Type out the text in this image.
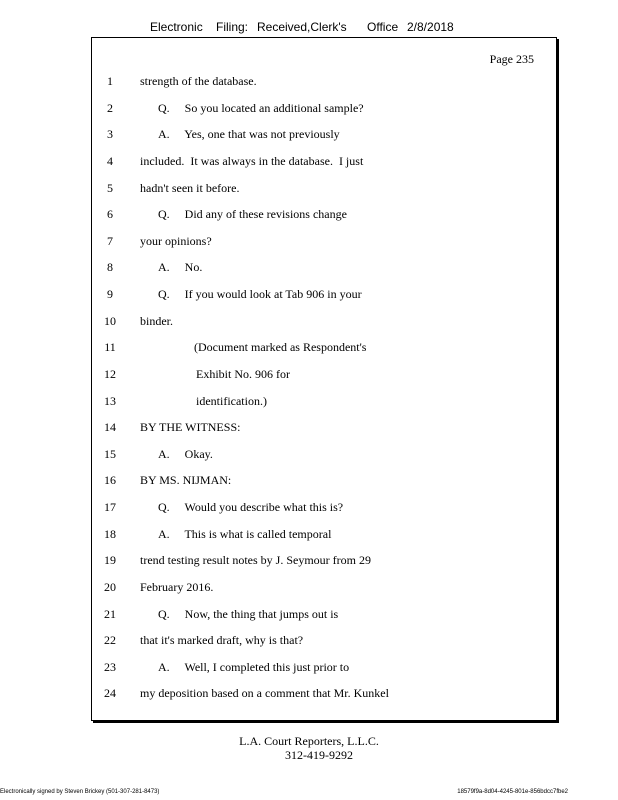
Electronic Filing: Received,Clerk's Office 2/8/2018
Page 235
1	strength of the database.
2	Q.     So you located an additional sample?
3	A.     Yes, one that was not previously
4	included.  It was always in the database.  I just
5	hadn't seen it before.
6	Q.     Did any of these revisions change
7	your opinions?
8	A.     No.
9	Q.     If you would look at Tab 906 in your
10	binder.
11	(Document marked as Respondent's
12	Exhibit No. 906 for
13	identification.)
14	BY THE WITNESS:
15	A.     Okay.
16	BY MS. NIJMAN:
17	Q.     Would you describe what this is?
18	A.     This is what is called temporal
19	trend testing result notes by J. Seymour from 29
20	February 2016.
21	Q.     Now, the thing that jumps out is
22	that it's marked draft, why is that?
23	A.     Well, I completed this just prior to
24	my deposition based on a comment that Mr. Kunkel
L.A. Court Reporters, L.L.C.
312-419-9292
Electronically signed by Steven Brickey (501-307-281-8473)	18579f9a-8d04-4245-801e-856bdcc7fbe2
